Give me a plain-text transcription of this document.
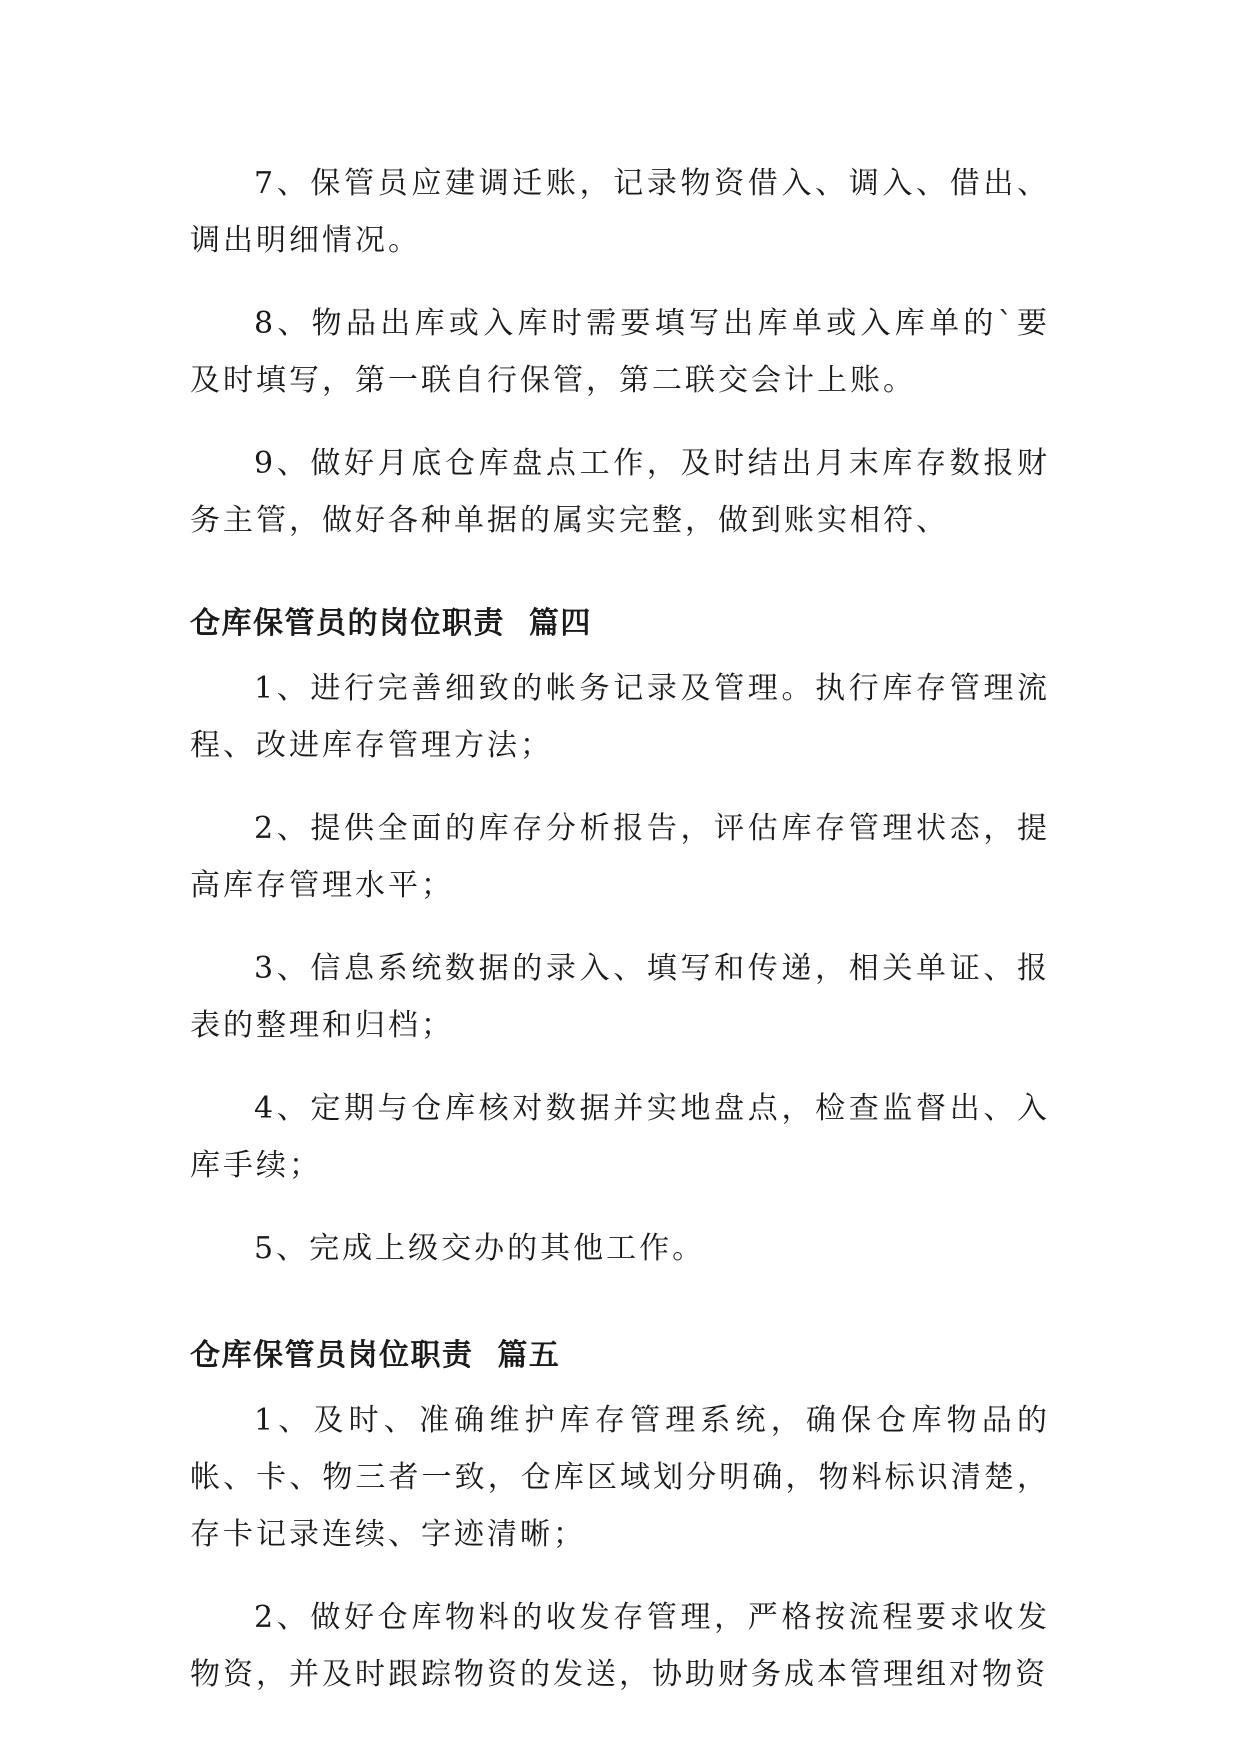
7、保管员应建调迁账，记录物资借入、调入、借出、调出明细情况。

8、物品出库或入库时需要填写出库单或入库单的`要及时填写，第一联自行保管，第二联交会计上账。

9、做好月底仓库盘点工作，及时结出月末库存数报财务主管，做好各种单据的属实完整，做到账实相符、

仓库保管员的岗位职责  篇四

1、进行完善细致的帐务记录及管理。执行库存管理流程、改进库存管理方法；

2、提供全面的库存分析报告，评估库存管理状态，提高库存管理水平；

3、信息系统数据的录入、填写和传递，相关单证、报表的整理和归档；

4、定期与仓库核对数据并实地盘点，检查监督出、入库手续；

5、完成上级交办的其他工作。

仓库保管员岗位职责  篇五

1、及时、准确维护库存管理系统，确保仓库物品的帐、卡、物三者一致，仓库区域划分明确，物料标识清楚，存卡记录连续、字迹清晰；

2、做好仓库物料的收发存管理，严格按流程要求收发物资，并及时跟踪物资的发送，协助财务成本管理组对物资
